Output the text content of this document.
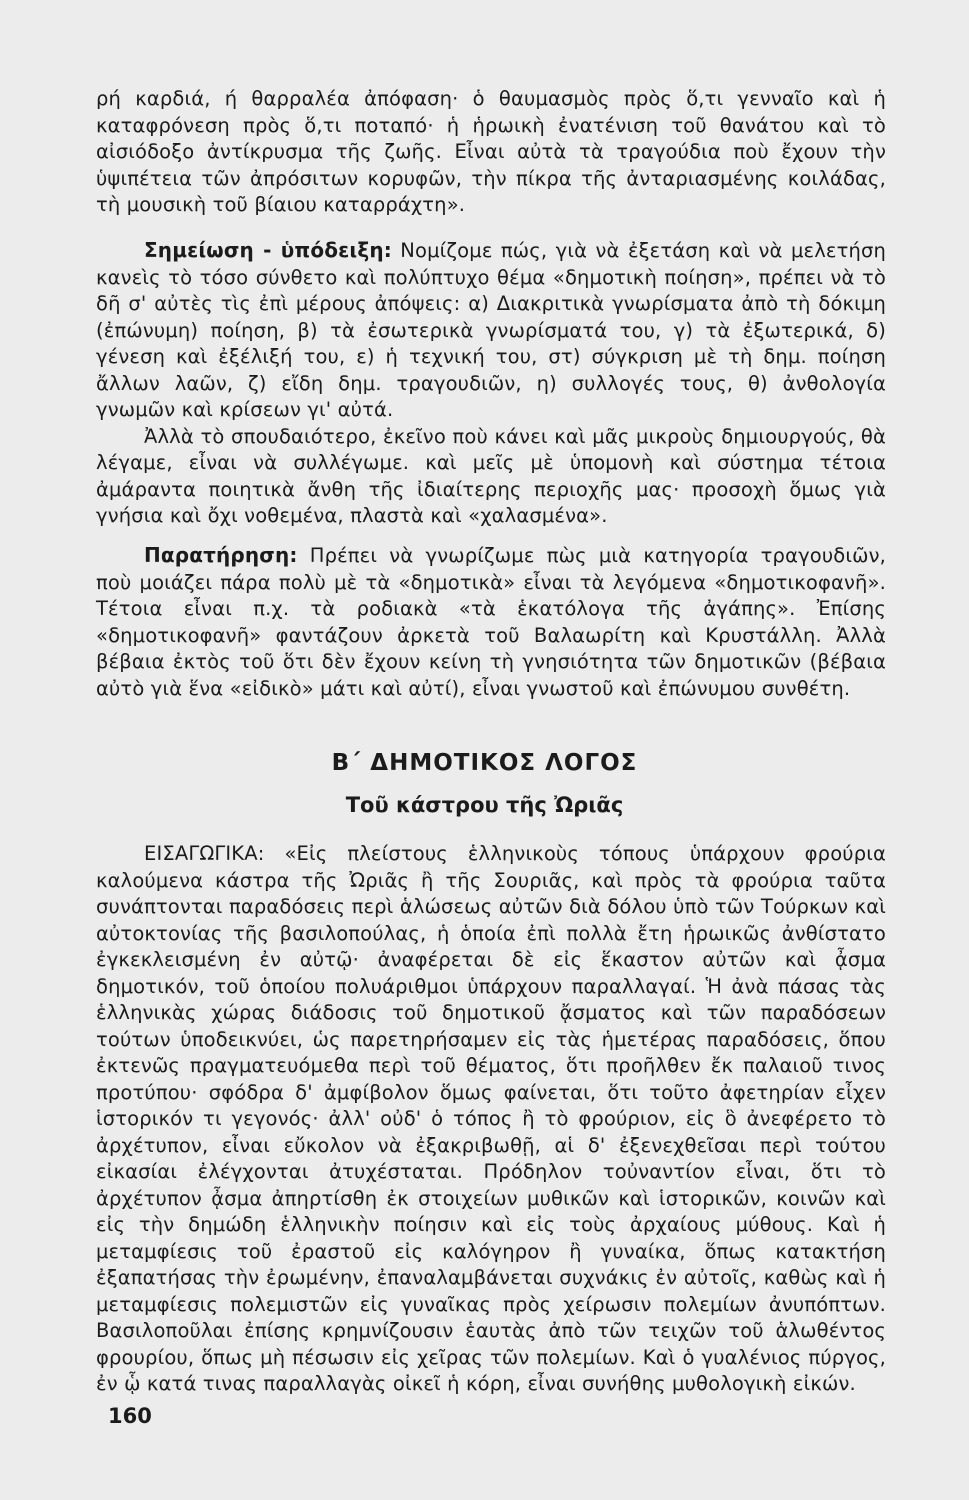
ρή καρδιά, ή θαρραλέα ἀπόφαση· ὁ θαυμασμὸς πρὸς ὅ,τι γενναῖο καὶ ἡ καταφρόνεση πρὸς ὅ,τι ποταπό· ἡ ἡρωικὴ ἐνατένιση τοῦ θανάτου καὶ τὸ αἰσιόδοξο ἀντίκρυσμα τῆς ζωῆς. Εἶναι αὐτὰ τὰ τραγούδια ποὺ ἔχουν τὴν ὑψιπέτεια τῶν ἀπρόσιτων κορυφῶν, τὴν πίκρα τῆς ἀνταριασμένης κοιλάδας, τὴ μουσικὴ τοῦ βίαιου καταρράχτη».

Σημείωση - ὑπόδειξη: Νομίζομε πώς, γιὰ νὰ ἐξετάση καὶ νὰ μελετήση κανεὶς τὸ τόσο σύνθετο καὶ πολύπτυχο θέμα «δημοτικὴ ποίηση», πρέπει νὰ τὸ δῆ σ' αὐτὲς τὶς ἐπὶ μέρους ἀπόψεις: α) Διακριτικὰ γνωρίσματα ἀπὸ τὴ δόκιμη (ἐπώνυμη) ποίηση, β) τὰ ἐσωτερικὰ γνωρίσματά του, γ) τὰ ἐξωτερικά, δ) γένεση καὶ ἐξέλιξή του, ε) ἡ τεχνική του, στ) σύγκριση μὲ τὴ δημ. ποίηση ἄλλων λαῶν, ζ) εἴδη δημ. τραγουδιῶν, η) συλλογές τους, θ) ἀνθολογία γνωμῶν καὶ κρίσεων γι' αὐτά.

Ἀλλὰ τὸ σπουδαιότερο, ἐκεῖνο ποὺ κάνει καὶ μᾶς μικροὺς δημιουργούς, θὰ λέγαμε, εἶναι νὰ συλλέγωμε. καὶ μεῖς μὲ ὑπομονὴ καὶ σύστημα τέτοια ἀμάραντα ποιητικὰ ἄνθη τῆς ἰδιαίτερης περιοχῆς μας· προσοχὴ ὅμως γιὰ γνήσια καὶ ὄχι νοθεμένα, πλαστὰ καὶ «χαλασμένα».

Παρατήρηση: Πρέπει νὰ γνωρίζωμε πὼς μιὰ κατηγορία τραγουδιῶν, ποὺ μοιάζει πάρα πολὺ μὲ τὰ «δημοτικὰ» εἶναι τὰ λεγόμενα «δημοτικοφανῆ». Τέτοια εἶναι π.χ. τὰ ροδιακὰ «τὰ ἑκατόλογα τῆς ἀγάπης». Ἐπίσης «δημοτικοφανῆ» φαντάζουν ἀρκετὰ τοῦ Βαλαωρίτη καὶ Κρυστάλλη. Ἀλλὰ βέβαια ἐκτὸς τοῦ ὅτι δὲν ἔχουν κείνη τὴ γνησιότητα τῶν δημοτικῶν (βέβαια αὐτὸ γιὰ ἕνα «εἰδικὸ» μάτι καὶ αὐτί), εἶναι γνωστοῦ καὶ ἐπώνυμου συνθέτη.

Β΄ ΔΗΜΟΤΙΚΟΣ ΛΟΓΟΣ
Τοῦ κάστρου τῆς Ὠριᾶς

ΕΙΣΑΓΩΓΙΚΑ: «Εἰς πλείστους ἑλληνικοὺς τόπους ὑπάρχουν φρούρια καλούμενα κάστρα τῆς Ὠριᾶς ἢ τῆς Σουριᾶς, καὶ πρὸς τὰ φρούρια ταῦτα συνάπτονται παραδόσεις περὶ ἁλώσεως αὐτῶν διὰ δόλου ὑπὸ τῶν Τούρκων καὶ αὐτοκτονίας τῆς βασιλοπούλας, ἡ ὁποία ἐπὶ πολλὰ ἔτη ἡρωικῶς ἀνθίστατο ἐγκεκλεισμένη ἐν αὐτῷ· ἀναφέρεται δὲ εἰς ἕκαστον αὐτῶν καὶ ᾆσμα δημοτικόν, τοῦ ὁποίου πολυάριθμοι ὑπάρχουν παραλλαγαί. Ἡ ἀνὰ πάσας τὰς ἑλληνικὰς χώρας διάδοσις τοῦ δημοτικοῦ ᾄσματος καὶ τῶν παραδόσεων τούτων ὑποδεικνύει, ὡς παρετηρήσαμεν εἰς τὰς ἡμετέρας παραδόσεις, ὅπου ἐκτενῶς πραγματευόμεθα περὶ τοῦ θέματος, ὅτι προῆλθεν ἔκ παλαιοῦ τινος προτύπου· σφόδρα δ' ἀμφίβολον ὅμως φαίνεται, ὅτι τοῦτο ἀφετηρίαν εἶχεν ἱστορικόν τι γεγονός· ἀλλ' οὐδ' ὁ τόπος ἢ τὸ φρούριον, εἰς ὃ ἀνεφέρετο τὸ ἀρχέτυπον, εἶναι εὔκολον νὰ ἐξακριβωθῇ, αἱ δ' ἐξενεχθεῖσαι περὶ τούτου εἰκασίαι ἐλέγχονται ἀτυχέσταται. Πρόδηλον τοὐναντίον εἶναι, ὅτι τὸ ἀρχέτυπον ᾆσμα ἀπηρτίσθη ἐκ στοιχείων μυθικῶν καὶ ἱστορικῶν, κοινῶν καὶ εἰς τὴν δημώδη ἑλληνικὴν ποίησιν καὶ εἰς τοὺς ἀρχαίους μύθους. Καὶ ἡ μεταμφίεσις τοῦ ἐραστοῦ εἰς καλόγηρον ἢ γυναίκα, ὅπως κατακτήση ἐξαπατήσας τὴν ἐρωμένην, ἐπαναλαμβάνεται συχνάκις ἐν αὐτοῖς, καθὼς καὶ ἡ μεταμφίεσις πολεμιστῶν εἰς γυναῖκας πρὸς χείρωσιν πολεμίων ἀνυπόπτων. Βασιλοποῦλαι ἐπίσης κρημνίζουσιν ἑαυτὰς ἀπὸ τῶν τειχῶν τοῦ ἁλωθέντος φρουρίου, ὅπως μὴ πέσωσιν εἰς χεῖρας τῶν πολεμίων. Καὶ ὁ γυαλένιος πύργος, ἐν ᾧ κατά τινας παραλλαγὰς οἰκεῖ ἡ κόρη, εἶναι συνήθης μυθολογικὴ εἰκών.

160
